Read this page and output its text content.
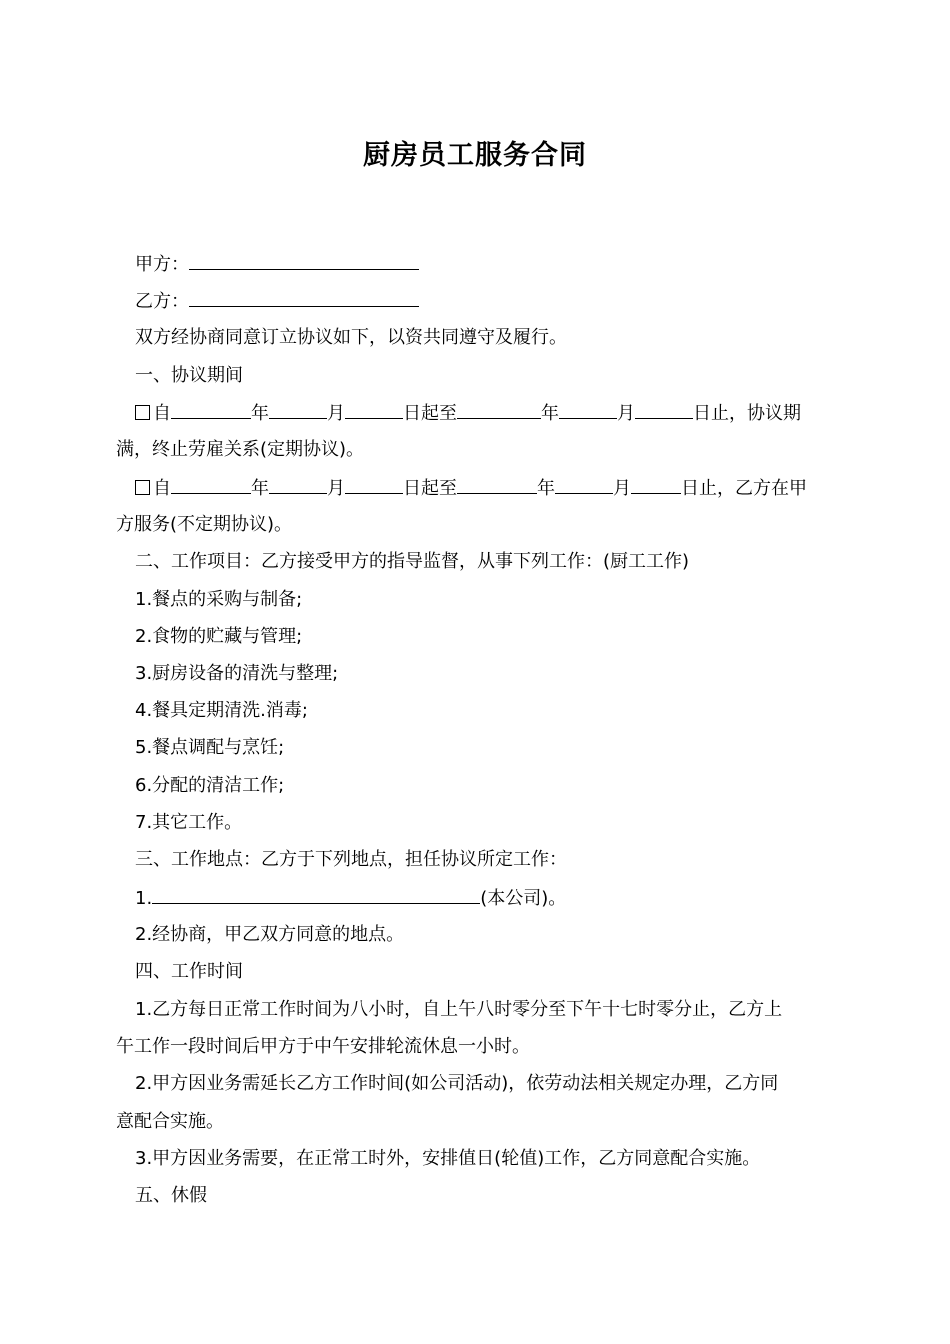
厨房员工服务合同
甲方：
乙方：
双方经协商同意订立协议如下，以资共同遵守及履行。
一、协议期间
自	年	月	日起至	年	月	日止，协议期
满，终止劳雇关系(定期协议)。
自	年	月	日起至	年	月	日止，乙方在甲
方服务(不定期协议)。
二、工作项目：乙方接受甲方的指导监督，从事下列工作：(厨工工作)
1.餐点的采购与制备;
2.食物的贮藏与管理;
3.厨房设备的清洗与整理;
4.餐具定期清洗.消毒;
5.餐点调配与烹饪;
6.分配的清洁工作;
7.其它工作。
三、工作地点：乙方于下列地点，担任协议所定工作：
1.	(本公司)。
2.经协商，甲乙双方同意的地点。
四、工作时间
1.乙方每日正常工作时间为八小时，自上午八时零分至下午十七时零分止，乙方上
午工作一段时间后甲方于中午安排轮流休息一小时。
2.甲方因业务需延长乙方工作时间(如公司活动)，依劳动法相关规定办理，乙方同
意配合实施。
3.甲方因业务需要，在正常工时外，安排值日(轮值)工作，乙方同意配合实施。
五、休假
